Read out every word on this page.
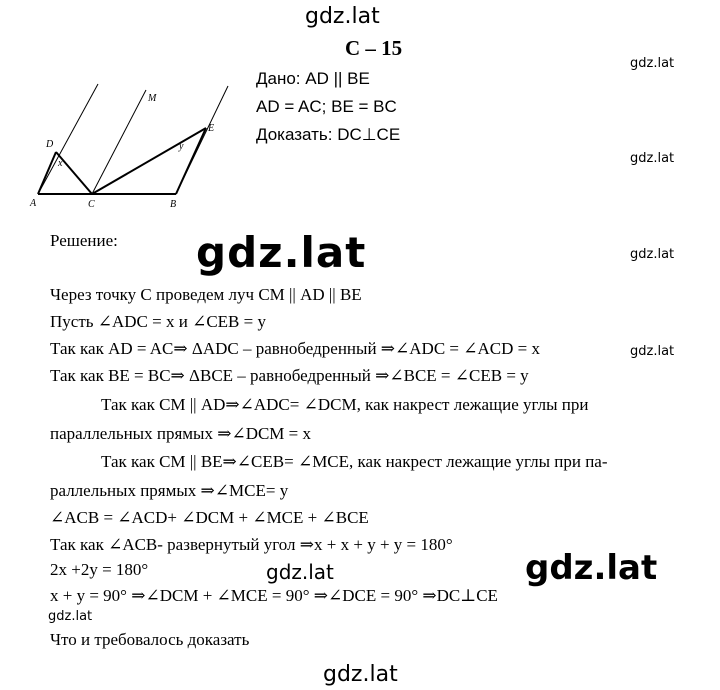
gdz.lat
gdz.lat
gdz.lat
gdz.lat
gdz.lat
gdz.lat
gdz.lat	gdz.lat
gdz.lat
gdz.lat
С – 15
Дано: AD || BE
AD = AC; BE = BC
Доказать: DC⊥CE
D
M
E
A	C	B
x
y
Решение:
Через точку С проведем луч СМ || AD || BE
Пусть ∠ADC = x и ∠CEB = y
Так как AD = AC⇒ ΔADC – равнобедренный ⇒∠ADC = ∠ACD = x
Так как BE = BC⇒ ΔBCE – равнобедренный ⇒∠BCE = ∠CEB = y
Так как СМ || AD⇒∠ADC= ∠DCM, как накрест лежащие углы при
параллельных прямых ⇒∠DCM = x
Так как СМ || BE⇒∠CEB= ∠MCE, как накрест лежащие углы при па-
раллельных прямых ⇒∠MCE= y
∠ACB = ∠ACD+ ∠DCM + ∠MCE + ∠BCE
Так как ∠ACB- развернутый угол ⇒x + x + y + y = 180°
2x +2y = 180°
x + y = 90° ⇒∠DCM + ∠MCE = 90° ⇒∠DCE = 90° ⇒DC⊥CE
Что и требовалось доказать
